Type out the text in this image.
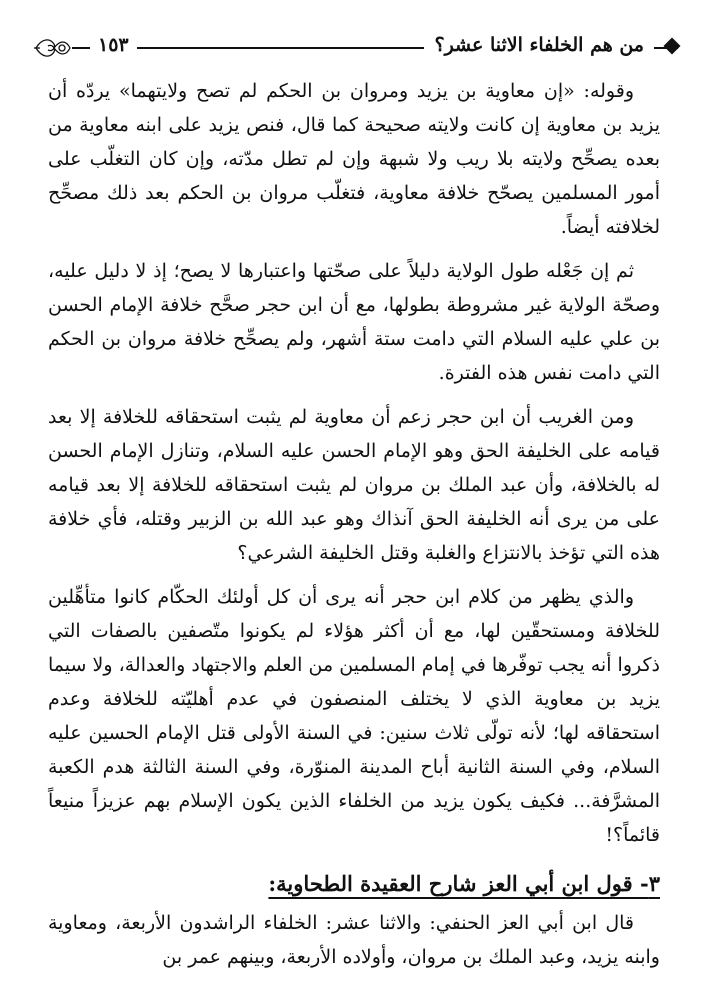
من هم الخلفاء الاثنا عشر؟
١٥٣

وقوله: «إن معاوية بن يزيد ومروان بن الحكم لم تصح ولايتهما» يردّه أن يزيد بن معاوية إن كانت ولايته صحيحة كما قال، فنص يزيد على ابنه معاوية من بعده يصحِّح ولايته بلا ريب ولا شبهة وإن لم تطل مدّته، وإن كان التغلّب على أمور المسلمين يصحّح خلافة معاوية، فتغلّب مروان بن الحكم بعد ذلك مصحِّح لخلافته أيضاً.

ثم إن جَعْله طول الولاية دليلاً على صحّتها واعتبارها لا يصح؛ إذ لا دليل عليه، وصحّة الولاية غير مشروطة بطولها، مع أن ابن حجر صحَّح خلافة الإمام الحسن بن علي عليه السلام التي دامت ستة أشهر، ولم يصحِّح خلافة مروان بن الحكم التي دامت نفس هذه الفترة.

ومن الغريب أن ابن حجر زعم أن معاوية لم يثبت استحقاقه للخلافة إلا بعد قيامه على الخليفة الحق وهو الإمام الحسن عليه السلام، وتنازل الإمام الحسن له بالخلافة، وأن عبد الملك بن مروان لم يثبت استحقاقه للخلافة إلا بعد قيامه على من يرى أنه الخليفة الحق آنذاك وهو عبد الله بن الزبير وقتله، فأي خلافة هذه التي تؤخذ بالانتزاع والغلبة وقتل الخليفة الشرعي؟

والذي يظهر من كلام ابن حجر أنه يرى أن كل أولئك الحكّام كانوا متأهِّلين للخلافة ومستحقّين لها، مع أن أكثر هؤلاء لم يكونوا متّصفين بالصفات التي ذكروا أنه يجب توفّرها في إمام المسلمين من العلم والاجتهاد والعدالة، ولا سيما يزيد بن معاوية الذي لا يختلف المنصفون في عدم أهليّته للخلافة وعدم استحقاقه لها؛ لأنه تولّى ثلاث سنين: في السنة الأولى قتل الإمام الحسين عليه السلام، وفي السنة الثانية أباح المدينة المنوّرة، وفي السنة الثالثة هدم الكعبة المشرَّفة... فكيف يكون يزيد من الخلفاء الذين يكون الإسلام بهم عزيزاً منيعاً قائماً؟!

٣- قول ابن أبي العز شارح العقيدة الطحاوية:

قال ابن أبي العز الحنفي: والاثنا عشر: الخلفاء الراشدون الأربعة، ومعاوية وابنه يزيد، وعبد الملك بن مروان، وأولاده الأربعة، وبينهم عمر بن
